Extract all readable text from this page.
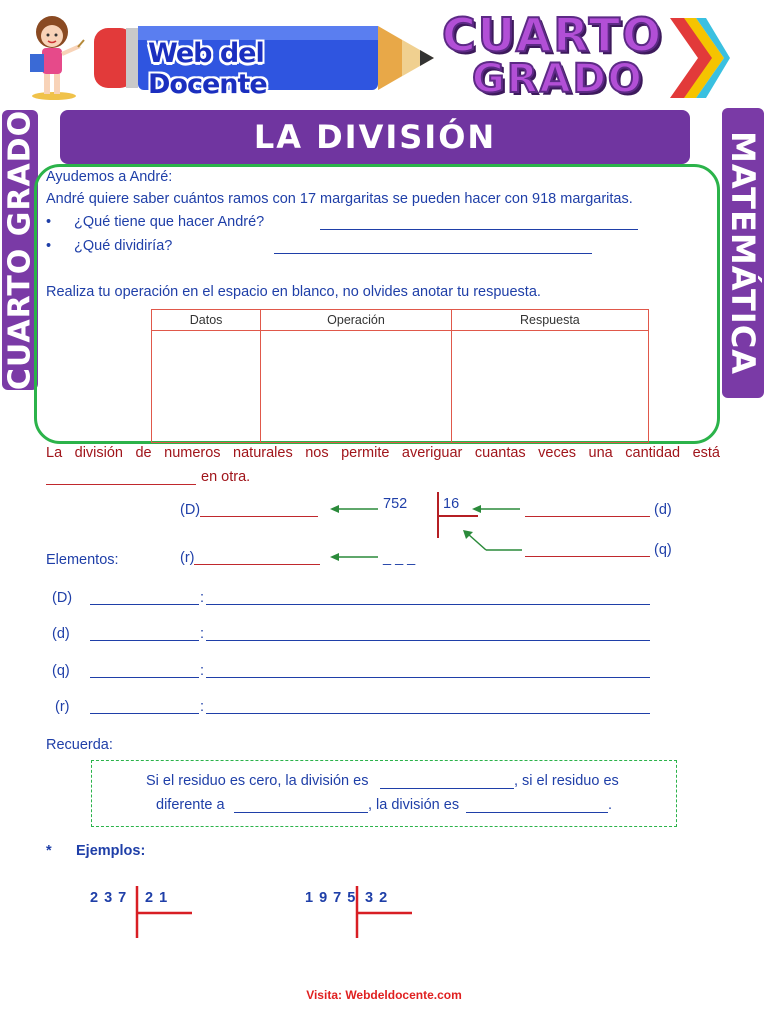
Web del Docente
CUARTO
GRADO
CUARTO GRADO	MATEMÁTICA
LA DIVISIÓN
Ayudemos a André:
André quiere saber cuántos ramos con 17 margaritas se pueden hacer con 918 margaritas.
• ¿Qué tiene que hacer André?
• ¿Qué dividiría?
Realiza tu operación en el espacio en blanco, no olvides anotar tu respuesta.
Datos	Operación	Respuesta

La división de numeros naturales nos permite averiguar cuantas veces una cantidad está
en otra.
(D)	752 16	(d)
(q)
Elementos:	(r)	_ _ _
(D)	:
(d)	:
(q)	:
(r)	:
Recuerda:
Si el residuo es cero, la división es	, si el residuo es
diferente a	, la división es	.
* Ejemplos:
2 3 7 2 1	1 9 7 5 3 2
Visita: Webdeldocente.com
